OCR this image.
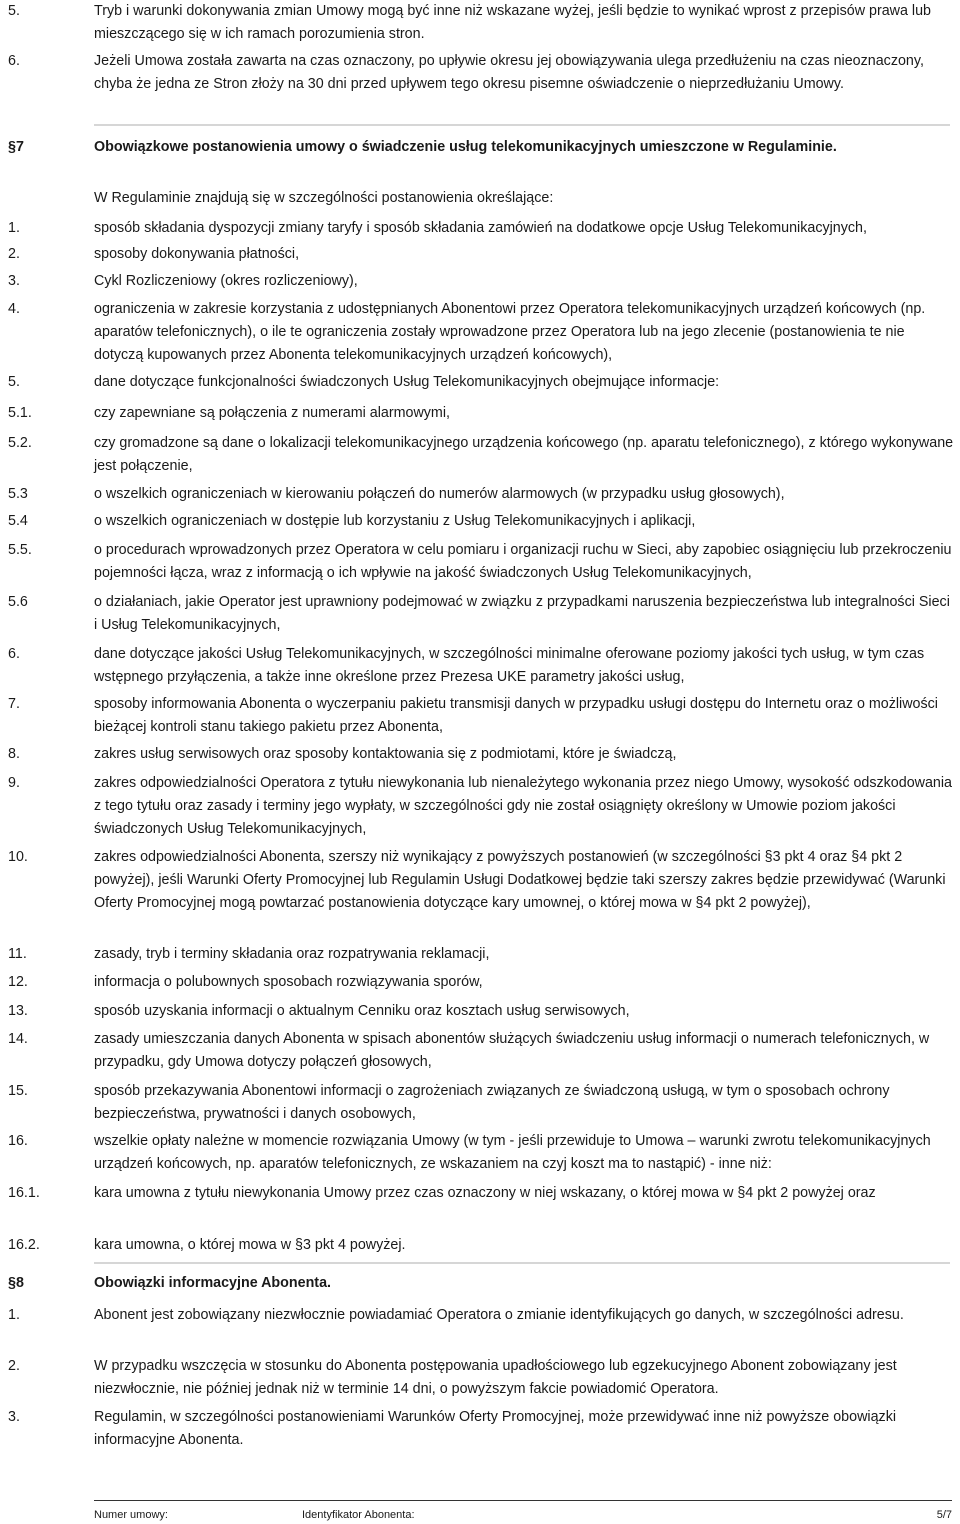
5.	Tryb i warunki dokonywania zmian Umowy mogą być inne niż wskazane wyżej, jeśli będzie to wynikać wprost z przepisów prawa lub mieszczącego się w ich ramach porozumienia stron.
6.	Jeżeli Umowa została zawarta na czas oznaczony, po upływie okresu jej obowiązywania ulega przedłużeniu na czas nieoznaczony, chyba że jedna ze Stron złoży na 30 dni przed upływem tego okresu pisemne oświadczenie o nieprzedłużaniu Umowy.
§7	Obowiązkowe postanowienia umowy o świadczenie usług telekomunikacyjnych umieszczone w Regulaminie.
W Regulaminie znajdują się w szczególności postanowienia określające:
1.	sposób składania dyspozycji zmiany taryfy i sposób składania zamówień na dodatkowe opcje Usług Telekomunikacyjnych,
2.	sposoby dokonywania płatności,
3.	Cykl Rozliczeniowy (okres rozliczeniowy),
4.	ograniczenia w zakresie korzystania z udostępnianych Abonentowi przez Operatora telekomunikacyjnych urządzeń końcowych (np. aparatów telefonicznych), o ile te ograniczenia zostały wprowadzone przez Operatora lub na jego zlecenie (postanowienia te nie dotyczą kupowanych przez Abonenta telekomunikacyjnych urządzeń końcowych),
5.	dane dotyczące funkcjonalności świadczonych Usług Telekomunikacyjnych obejmujące informacje:
5.1.	czy zapewniane są połączenia z numerami alarmowymi,
5.2.	czy gromadzone są dane o lokalizacji telekomunikacyjnego urządzenia końcowego (np. aparatu telefonicznego), z którego wykonywane jest połączenie,
5.3	o wszelkich ograniczeniach w kierowaniu połączeń do numerów alarmowych (w przypadku usług głosowych),
5.4	o wszelkich ograniczeniach w dostępie lub korzystaniu z Usług Telekomunikacyjnych i aplikacji,
5.5.	o procedurach wprowadzonych przez Operatora w celu pomiaru i organizacji ruchu w Sieci, aby zapobiec osiągnięciu lub przekroczeniu pojemności łącza, wraz z informacją o ich wpływie na jakość świadczonych Usług Telekomunikacyjnych,
5.6	o działaniach, jakie Operator jest uprawniony podejmować w związku z przypadkami naruszenia bezpieczeństwa lub integralności Sieci i Usług Telekomunikacyjnych,
6.	dane dotyczące jakości Usług Telekomunikacyjnych, w szczególności minimalne oferowane poziomy jakości tych usług, w tym czas wstępnego przyłączenia, a także inne określone przez Prezesa UKE parametry jakości usług,
7.	sposoby informowania Abonenta o wyczerpaniu pakietu transmisji danych w przypadku usługi dostępu do Internetu oraz o możliwości bieżącej kontroli stanu takiego pakietu przez Abonenta,
8.	zakres usług serwisowych oraz sposoby kontaktowania się z podmiotami, które je świadczą,
9.	zakres odpowiedzialności Operatora z tytułu niewykonania lub nienależytego wykonania przez niego Umowy, wysokość odszkodowania z tego tytułu oraz zasady i terminy jego wypłaty, w szczególności gdy nie został osiągnięty określony w Umowie poziom jakości świadczonych Usług Telekomunikacyjnych,
10.	zakres odpowiedzialności Abonenta, szerszy niż wynikający z powyższych postanowień (w szczególności §3 pkt 4 oraz §4 pkt 2 powyżej), jeśli Warunki Oferty Promocyjnej lub Regulamin Usługi Dodatkowej będzie taki szerszy zakres będzie przewidywać (Warunki Oferty Promocyjnej mogą powtarzać postanowienia dotyczące kary umownej, o której mowa w §4 pkt 2 powyżej),
11.	zasady, tryb i terminy składania oraz rozpatrywania reklamacji,
12.	informacja o polubownych sposobach rozwiązywania sporów,
13.	sposób uzyskania informacji o aktualnym Cenniku oraz kosztach usług serwisowych,
14.	zasady umieszczania danych Abonenta w spisach abonentów służących świadczeniu usług informacji o numerach telefonicznych, w przypadku, gdy Umowa dotyczy połączeń głosowych,
15.	sposób przekazywania Abonentowi informacji o zagrożeniach związanych ze świadczoną usługą, w tym o sposobach ochrony bezpieczeństwa, prywatności i danych osobowych,
16.	wszelkie opłaty należne w momencie rozwiązania Umowy (w tym - jeśli przewiduje to Umowa – warunki zwrotu telekomunikacyjnych urządzeń końcowych, np. aparatów telefonicznych, ze wskazaniem na czyj koszt ma to nastąpić) - inne niż:
16.1.	kara umowna z tytułu niewykonania Umowy przez czas oznaczony w niej wskazany, o której mowa w §4 pkt 2 powyżej oraz
16.2.	kara umowna, o której mowa w §3 pkt 4 powyżej.
§8	Obowiązki informacyjne Abonenta.
1.	Abonent jest zobowiązany niezwłocznie powiadamiać Operatora o zmianie identyfikujących go danych, w szczególności adresu.
2.	W przypadku wszczęcia w stosunku do Abonenta postępowania upadłościowego lub egzekucyjnego Abonent zobowiązany jest niezwłocznie, nie później jednak niż w terminie 14 dni, o powyższym fakcie powiadomić Operatora.
3.	Regulamin, w szczególności postanowieniami Warunków Oferty Promocyjnej, może przewidywać inne niż powyższe obowiązki informacyjne Abonenta.
Numer umowy:	Identyfikator Abonenta:	5/7
